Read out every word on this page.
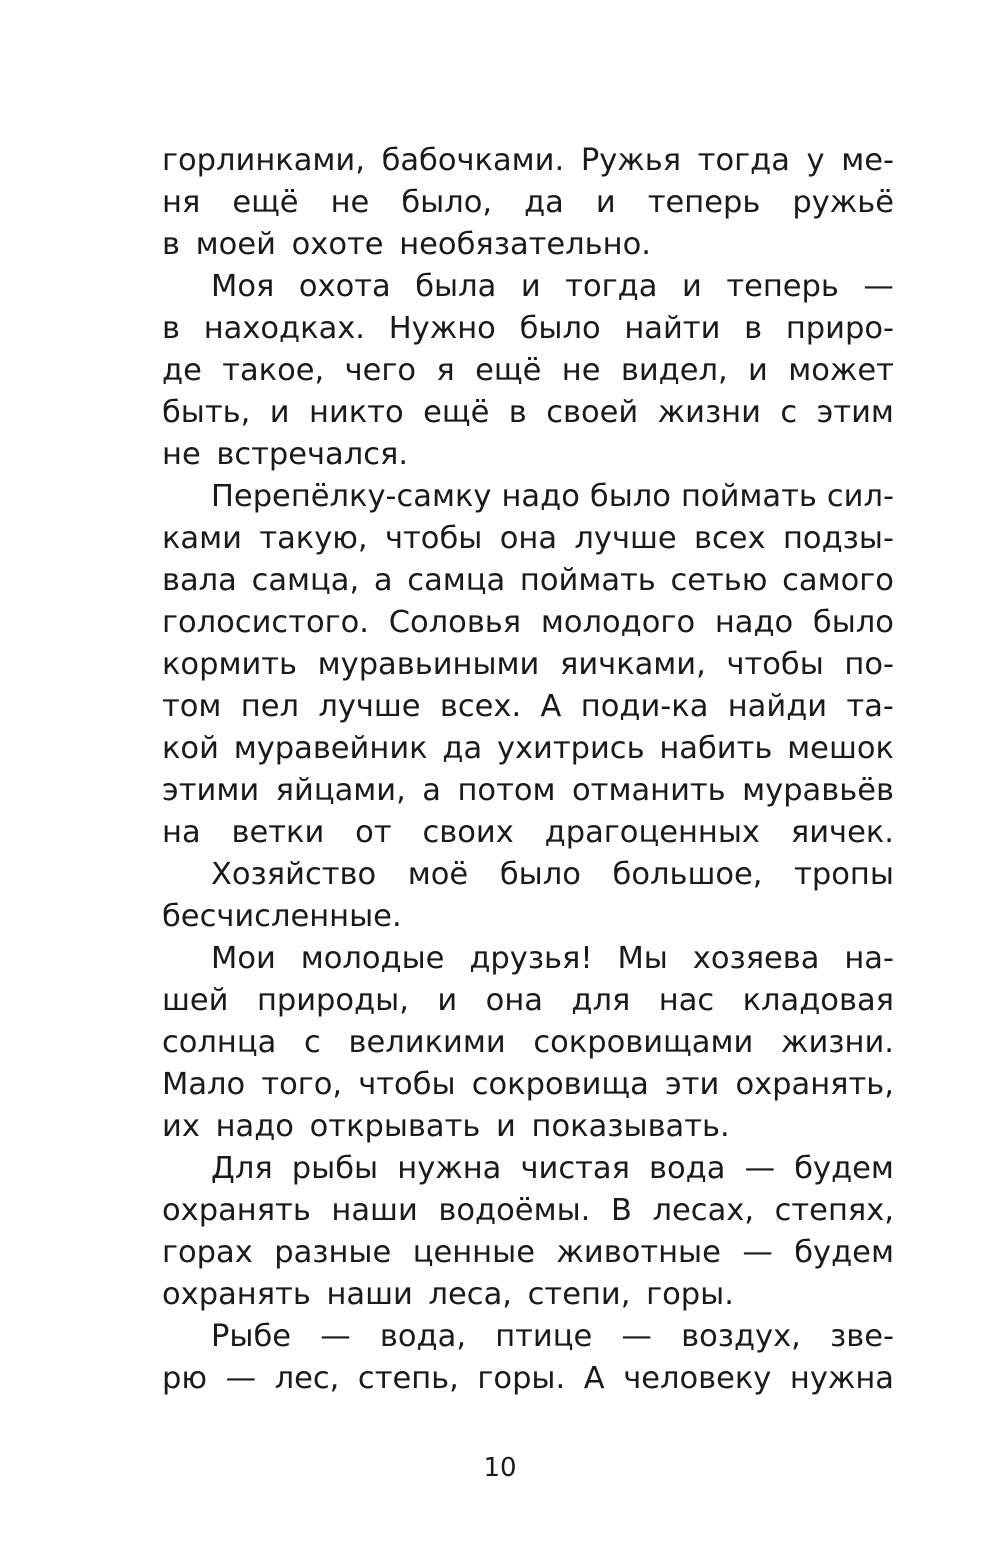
горлинками, бабочками. Ружья тогда у ме-
ня ещё не было, да и теперь ружьё
в моей охоте необязательно.
Моя охота была и тогда и теперь —
в находках. Нужно было найти в приро-
де такое, чего я ещё не видел, и может
быть, и никто ещё в своей жизни с этим
не встречался.
Перепёлку-самку надо было поймать сил-
ками такую, чтобы она лучше всех подзы-
вала самца, а самца поймать сетью самого
голосистого. Соловья молодого надо было
кормить муравьиными яичками, чтобы по-
том пел лучше всех. А поди-ка найди та-
кой муравейник да ухитрись набить мешок
этими яйцами, а потом отманить муравьёв
на ветки от своих драгоценных яичек.
Хозяйство моё было большое, тропы
бесчисленные.
Мои молодые друзья! Мы хозяева на-
шей природы, и она для нас кладовая
солнца с великими сокровищами жизни.
Мало того, чтобы сокровища эти охранять,
их надо открывать и показывать.
Для рыбы нужна чистая вода — будем
охранять наши водоёмы. В лесах, степях,
горах разные ценные животные — будем
охранять наши леса, степи, горы.
Рыбе — вода, птице — воздух, зве-
рю — лес, степь, горы. А человеку нужна
10
